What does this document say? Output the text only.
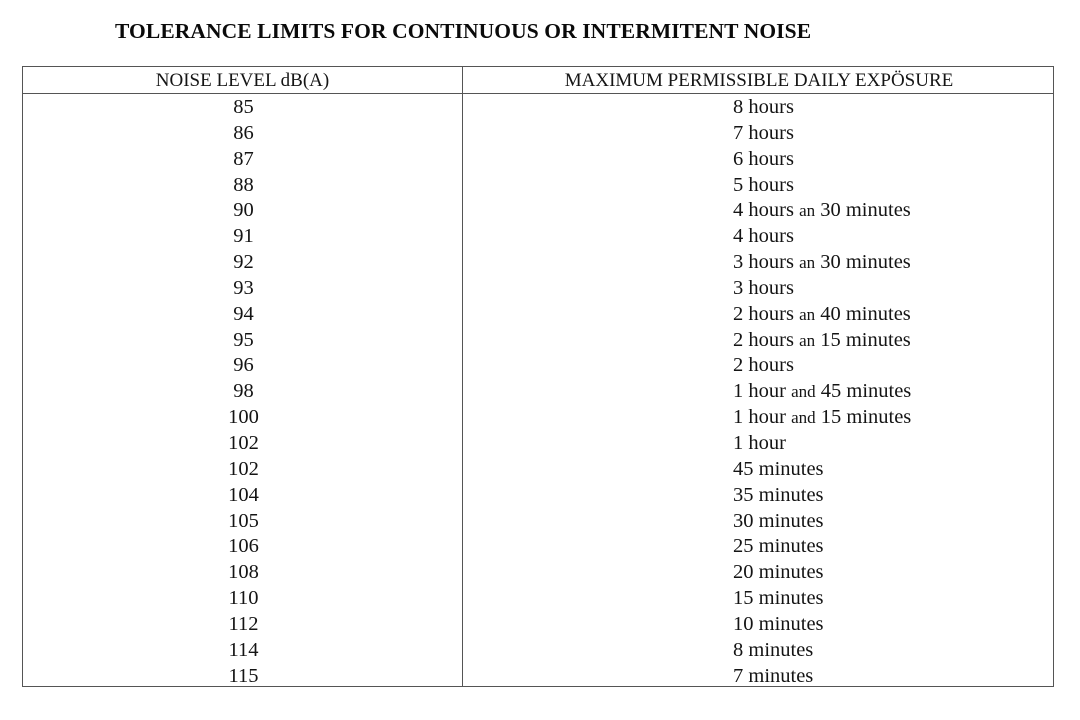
TOLERANCE LIMITS FOR CONTINUOUS OR INTERMITENT NOISE
NOISE LEVEL dB(A)	MAXIMUM PERMISSIBLE DAILY EXPÖSURE
85	8 hours
86	7 hours
87	6 hours
88	5 hours
90	4 hours an 30 minutes
91	4 hours
92	3 hours an 30 minutes
93	3 hours
94	2 hours an 40 minutes
95	2 hours an 15 minutes
96	2 hours
98	1 hour and 45 minutes
100	1 hour and 15 minutes
102	1 hour
102	45 minutes
104	35 minutes
105	30 minutes
106	25 minutes
108	20 minutes
110	15 minutes
112	10 minutes
114	8 minutes
115	7 minutes
